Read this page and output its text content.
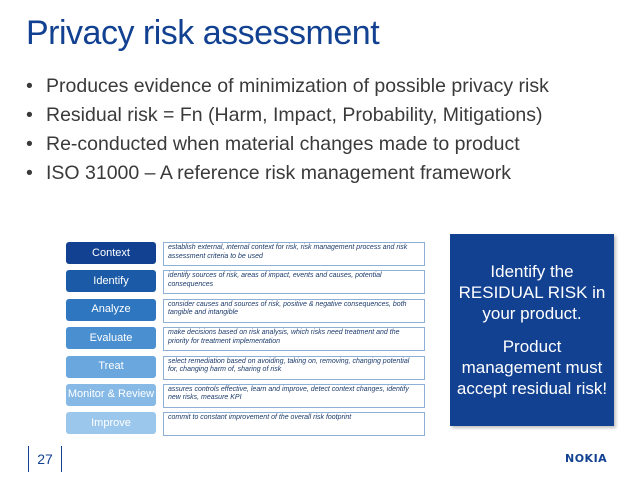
Privacy risk assessment
• Produces evidence of minimization of possible privacy risk
• Residual risk = Fn (Harm, Impact, Probability, Mitigations)
• Re-conducted when material changes made to product
• ISO 31000 – A reference risk management framework
Context	establish external, internal context for risk, risk management process and risk assessment criteria to be used
Identify	identify sources of risk, areas of impact, events and causes, potential consequences
Analyze	consider causes and sources of risk, positive & negative consequences, both tangible and intangible
Evaluate	make decisions based on risk analysis, which risks need treatment and the priority for treatment implementation
Treat	select remediation based on avoiding, taking on, removing, changing potential for, changing harm of, sharing of risk
Monitor & Review	assures controls effective, learn and improve, detect context changes, identify new risks, measure KPI
Improve	commit to constant improvement of the overall risk footprint

Identify the RESIDUAL RISK in your product.

Product management must accept residual risk!

27	NOKIA
